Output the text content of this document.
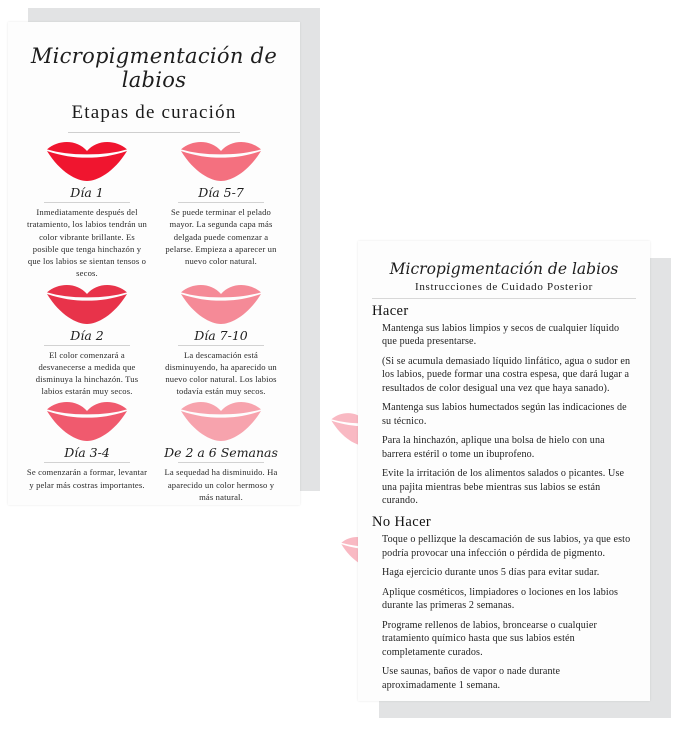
Micropigmentación de labios
Etapas de curación
Día 1
Inmediatamente después del tratamiento, los labios tendrán un color vibrante brillante. Es posible que tenga hinchazón y que los labios se sientan tensos o secos.
Día 5-7
Se puede terminar el pelado mayor. La segunda capa más delgada puede comenzar a pelarse. Empieza a aparecer un nuevo color natural.
Día 2
El color comenzará a desvanecerse a medida que disminuya la hinchazón. Tus labios estarán muy secos.
Día 7-10
La descamación está disminuyendo, ha aparecido un nuevo color natural. Los labios todavía están muy secos.
Día 3-4
Se comenzarán a formar, levantar y pelar más costras importantes.
De 2 a 6 Semanas
La sequedad ha disminuido. Ha aparecido un color hermoso y más natural.
Micropigmentación de labios
Instrucciones de Cuidado Posterior
Hacer
Mantenga sus labios limpios y secos de cualquier líquido que pueda presentarse.
(Si se acumula demasiado líquido linfático, agua o sudor en los labios, puede formar una costra espesa, que dará lugar a resultados de color desigual una vez que haya sanado).
Mantenga sus labios humectados según las indicaciones de su técnico.
Para la hinchazón, aplique una bolsa de hielo con una barrera estéril o tome un ibuprofeno.
Evite la irritación de los alimentos salados o picantes. Use una pajita mientras bebe mientras sus labios se están curando.
No Hacer
Toque o pellizque la descamación de sus labios, ya que esto podría provocar una infección o pérdida de pigmento.
Haga ejercicio durante unos 5 días para evitar sudar.
Aplique cosméticos, limpiadores o lociones en los labios durante las primeras 2 semanas.
Programe rellenos de labios, broncearse o cualquier tratamiento químico hasta que sus labios estén completamente curados.
Use saunas, baños de vapor o nade durante aproximadamente 1 semana.
